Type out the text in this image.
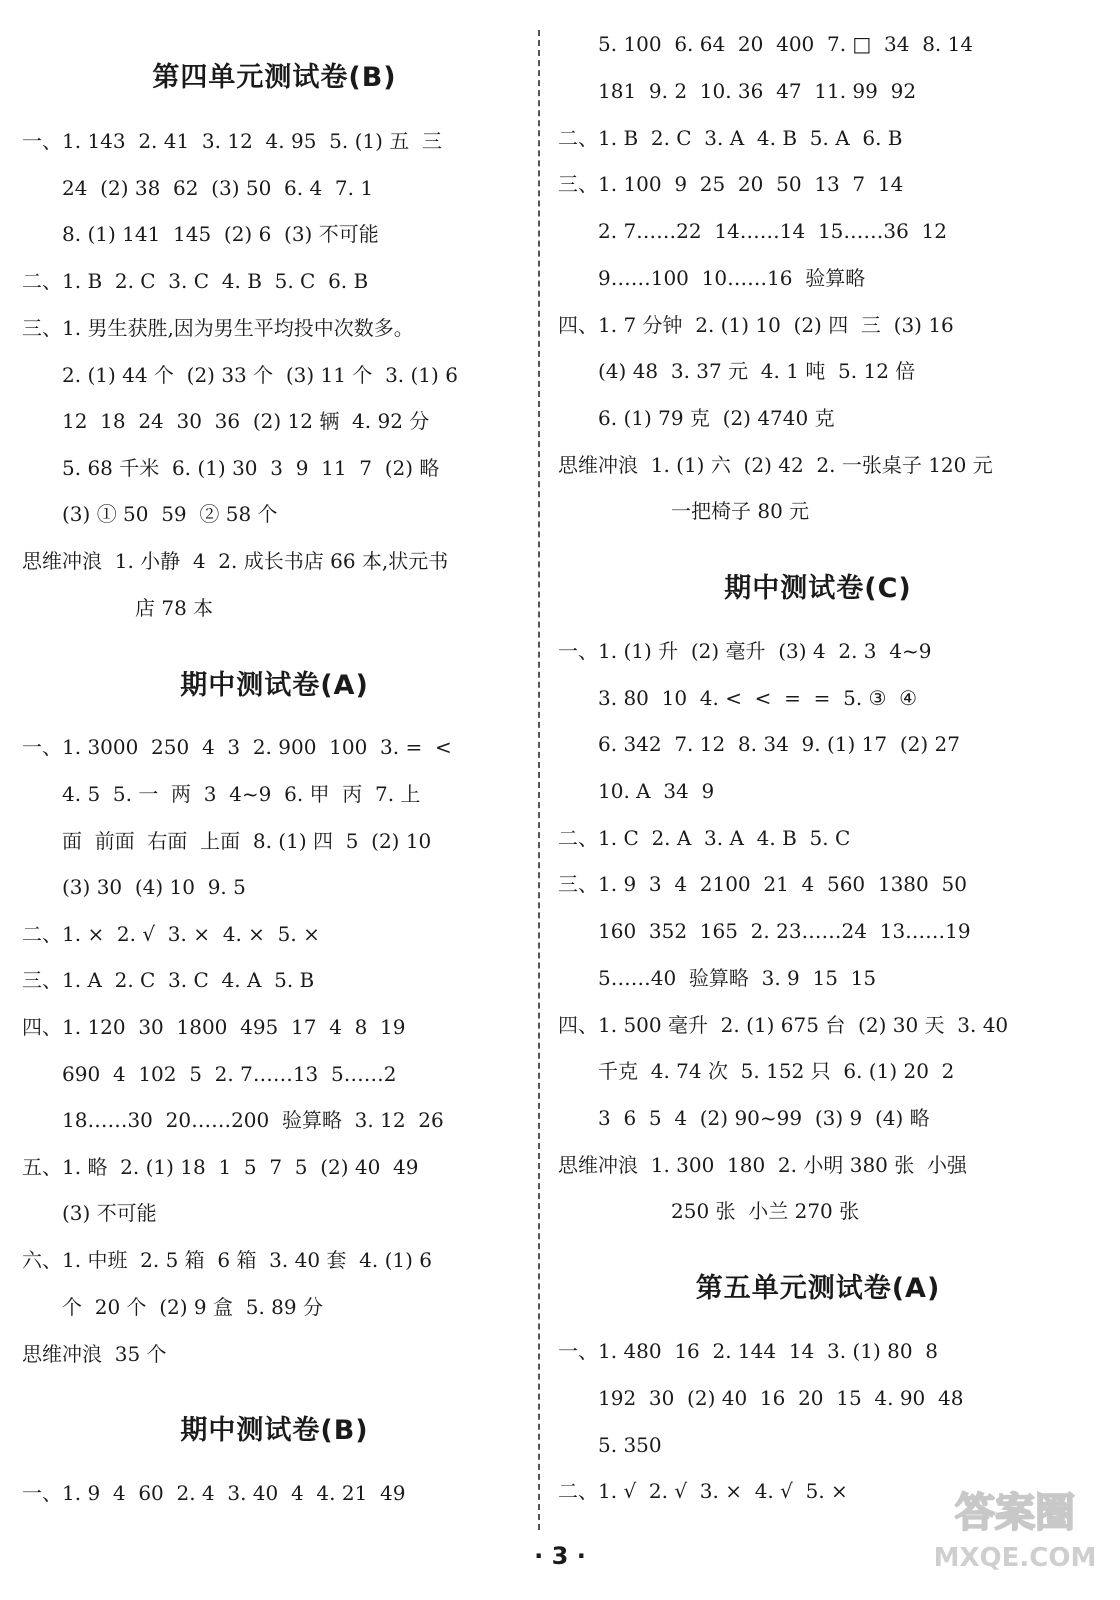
第四单元测试卷(B)
期中测试卷(A)
期中测试卷(B)
一、1. 143  2. 41  3. 12  4. 95  5. (1) 五  三
24  (2) 38  62  (3) 50  6. 4  7. 1
8. (1) 141  145  (2) 6  (3) 不可能
二、1. B  2. C  3. C  4. B  5. C  6. B
三、1. 男生获胜,因为男生平均投中次数多。
2. (1) 44 个  (2) 33 个  (3) 11 个  3. (1) 6
12  18  24  30  36  (2) 12 辆  4. 92 分
5. 68 千米  6. (1) 30  3  9  11  7  (2) 略
(3) ① 50  59  ② 58 个
思维冲浪  1. 小静  4  2. 成长书店 66 本,状元书
店 78 本
一、1. 3000  250  4  3  2. 900  100  3. =  <
4. 5  5. 一  两  3  4~9  6. 甲  丙  7. 上
面  前面  右面  上面  8. (1) 四  5  (2) 10
(3) 30  (4) 10  9. 5
二、1. ×  2. √  3. ×  4. ×  5. ×
三、1. A  2. C  3. C  4. A  5. B
四、1. 120  30  1800  495  17  4  8  19
690  4  102  5  2. 7……13  5……2
18……30  20……200  验算略  3. 12  26
五、1. 略  2. (1) 18  1  5  7  5  (2) 40  49
(3) 不可能
六、1. 中班  2. 5 箱  6 箱  3. 40 套  4. (1) 6
个  20 个  (2) 9 盒  5. 89 分
思维冲浪  35 个
一、1. 9  4  60  2. 4  3. 40  4  4. 21  49
期中测试卷(C)
第五单元测试卷(A)
5. 100  6. 64  20  400  7. □  34  8. 14
181  9. 2  10. 36  47  11. 99  92
二、1. B  2. C  3. A  4. B  5. A  6. B
三、1. 100  9  25  20  50  13  7  14
2. 7……22  14……14  15……36  12
9……100  10……16  验算略
四、1. 7 分钟  2. (1) 10  (2) 四  三  (3) 16
(4) 48  3. 37 元  4. 1 吨  5. 12 倍
6. (1) 79 克  (2) 4740 克
思维冲浪  1. (1) 六  (2) 42  2. 一张桌子 120 元
一把椅子 80 元
一、1. (1) 升  (2) 毫升  (3) 4  2. 3  4~9
3. 80  10  4. <  <  =  =  5. ③  ④
6. 342  7. 12  8. 34  9. (1) 17  (2) 27
10. A  34  9
二、1. C  2. A  3. A  4. B  5. C
三、1. 9  3  4  2100  21  4  560  1380  50
160  352  165  2. 23……24  13……19
5……40  验算略  3. 9  15  15
四、1. 500 毫升  2. (1) 675 台  (2) 30 天  3. 40
千克  4. 74 次  5. 152 只  6. (1) 20  2
3  6  5  4  (2) 90~99  (3) 9  (4) 略
思维冲浪  1. 300  180  2. 小明 380 张  小强
250 张  小兰 270 张
一、1. 480  16  2. 144  14  3. (1) 80  8
192  30  (2) 40  16  20  15  4. 90  48
5. 350
二、1. √  2. √  3. ×  4. √  5. ×
· 3 ·
答案圈
MXQE.COM
